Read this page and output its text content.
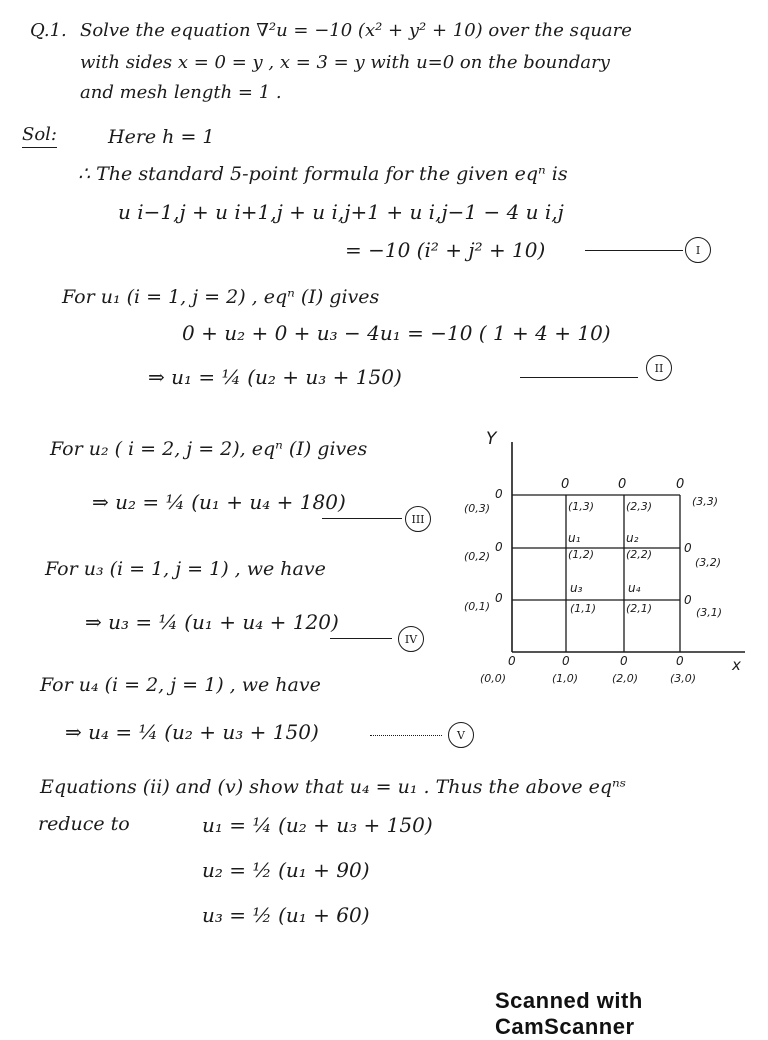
Q.1. Solve the equation ∇²u = −10 (x² + y² + 10) over the square
with sides x = 0 = y , x = 3 = y with u=0 on the boundary
and mesh length = 1 .
Sol:	Here h = 1
∴ The standard 5-point formula for the given eqⁿ is
u i−1,j + u i+1,j + u i,j+1 + u i,j−1 − 4 u i,j
= −10 (i² + j² + 10)	I
For u₁ (i = 1, j = 2) , eqⁿ (I) gives
0 + u₂ + 0 + u₃ − 4u₁ = −10 ( 1 + 4 + 10)
⇒ u₁ = ¼ (u₂ + u₃ + 150)	II
For u₂ ( i = 2, j = 2), eqⁿ (I) gives
⇒ u₂ = ¼ (u₁ + u₄ + 180)
III
For u₃ (i = 1, j = 1) , we have
⇒ u₃ = ¼ (u₁ + u₄ + 120)
IV
For u₄ (i = 2, j = 1) , we have
⇒ u₄ = ¼ (u₂ + u₃ + 150)	V
Equations (ii) and (v) show that u₄ = u₁ . Thus the above eqⁿˢ
reduce to	u₁ = ¼ (u₂ + u₃ + 150)
u₂ = ½ (u₁ + 90)
u₃ = ½ (u₁ + 60)
Y
x
0	0	0
0
0
0
0
0
0	0	0	0
(0,3)	(1,3)	(2,3)	(3,3)
(0,2)
u₁
(1,2)
u₂
(2,2)
(3,2)
(0,1)
u₃
(1,1)
u₄
(2,1)	(3,1)
(0,0)	(1,0)	(2,0)	(3,0)
Scanned with CamScanner
